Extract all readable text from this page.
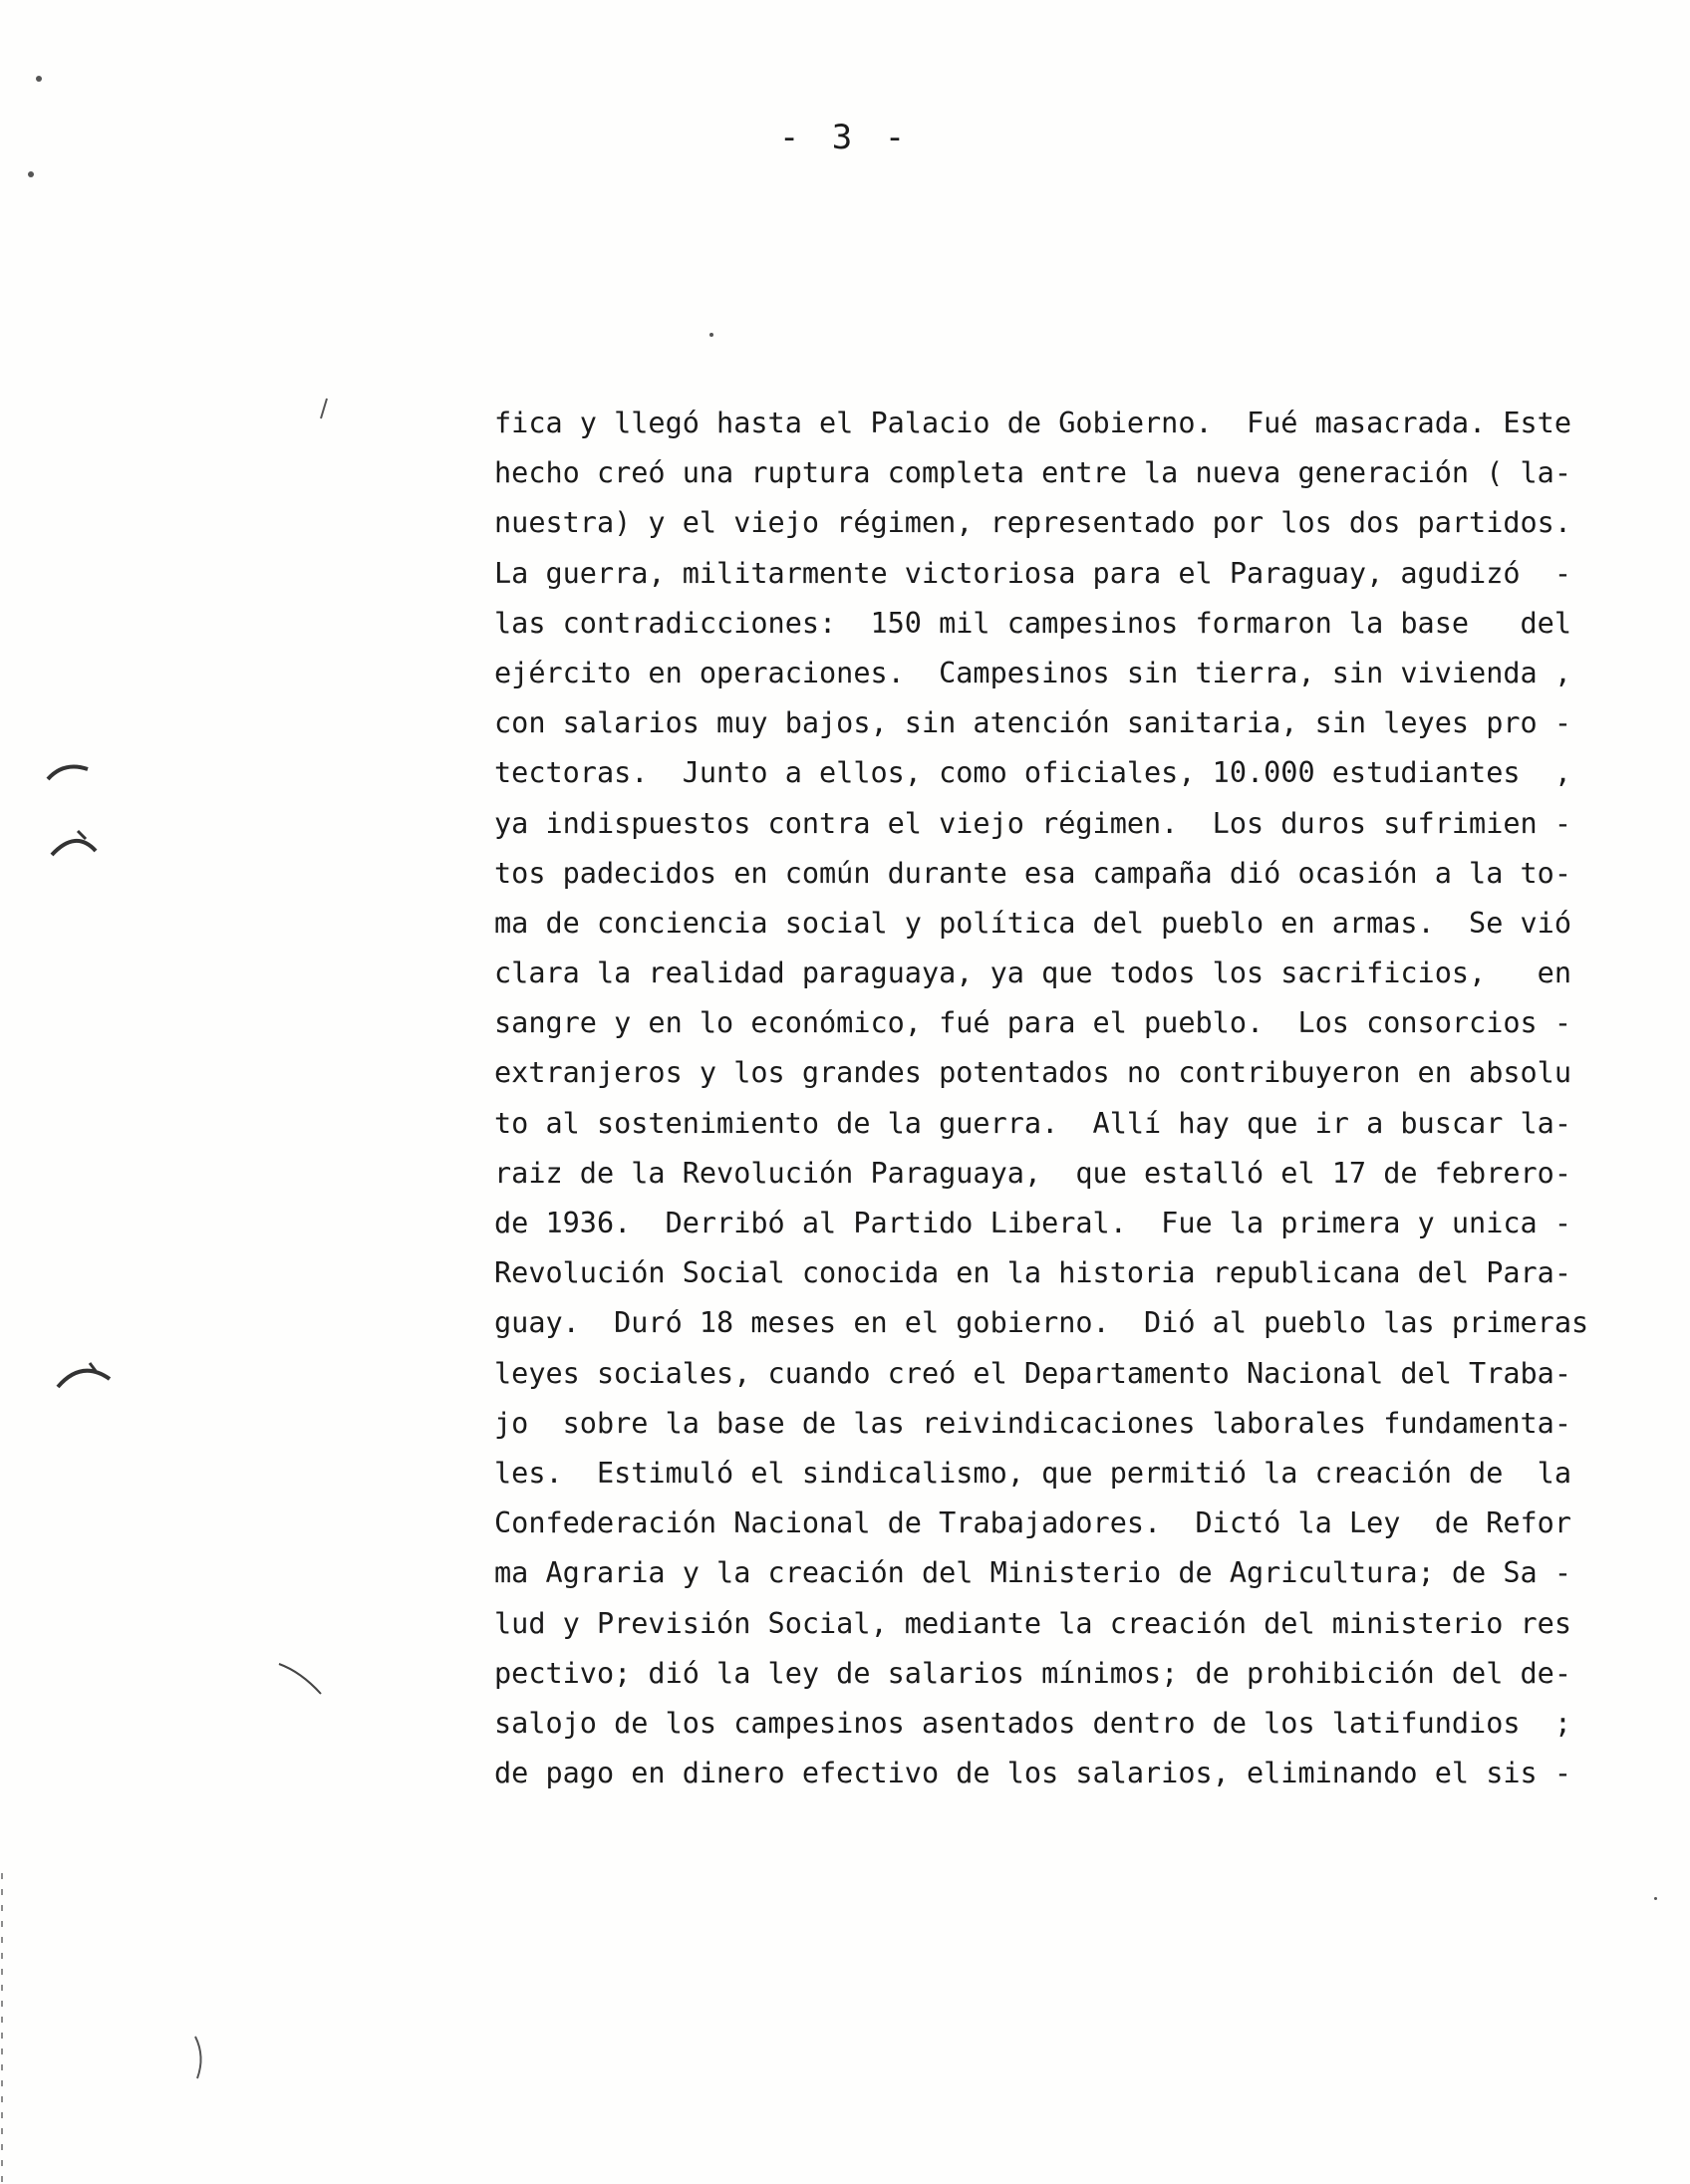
- 3 -
fica y llegó hasta el Palacio de Gobierno.  Fué masacrada. Este
hecho creó una ruptura completa entre la nueva generación ( la-
nuestra) y el viejo régimen, representado por los dos partidos.
La guerra, militarmente victoriosa para el Paraguay, agudizó  -
las contradicciones:  150 mil campesinos formaron la base   del
ejército en operaciones.  Campesinos sin tierra, sin vivienda ,
con salarios muy bajos, sin atención sanitaria, sin leyes pro -
tectoras.  Junto a ellos, como oficiales, 10.000 estudiantes  ,
ya indispuestos contra el viejo régimen.  Los duros sufrimien -
tos padecidos en común durante esa campaña dió ocasión a la to-
ma de conciencia social y política del pueblo en armas.  Se vió
clara la realidad paraguaya, ya que todos los sacrificios,   en
sangre y en lo económico, fué para el pueblo.  Los consorcios -
extranjeros y los grandes potentados no contribuyeron en absolu
to al sostenimiento de la guerra.  Allí hay que ir a buscar la-
raiz de la Revolución Paraguaya,  que estalló el 17 de febrero-
de 1936.  Derribó al Partido Liberal.  Fue la primera y unica -
Revolución Social conocida en la historia republicana del Para-
guay.  Duró 18 meses en el gobierno.  Dió al pueblo las primeras
leyes sociales, cuando creó el Departamento Nacional del Traba-
jo  sobre la base de las reivindicaciones laborales fundamenta-
les.  Estimuló el sindicalismo, que permitió la creación de  la
Confederación Nacional de Trabajadores.  Dictó la Ley  de Refor
ma Agraria y la creación del Ministerio de Agricultura; de Sa -
lud y Previsión Social, mediante la creación del ministerio res
pectivo; dió la ley de salarios mínimos; de prohibición del de-
salojo de los campesinos asentados dentro de los latifundios  ;
de pago en dinero efectivo de los salarios, eliminando el sis -
